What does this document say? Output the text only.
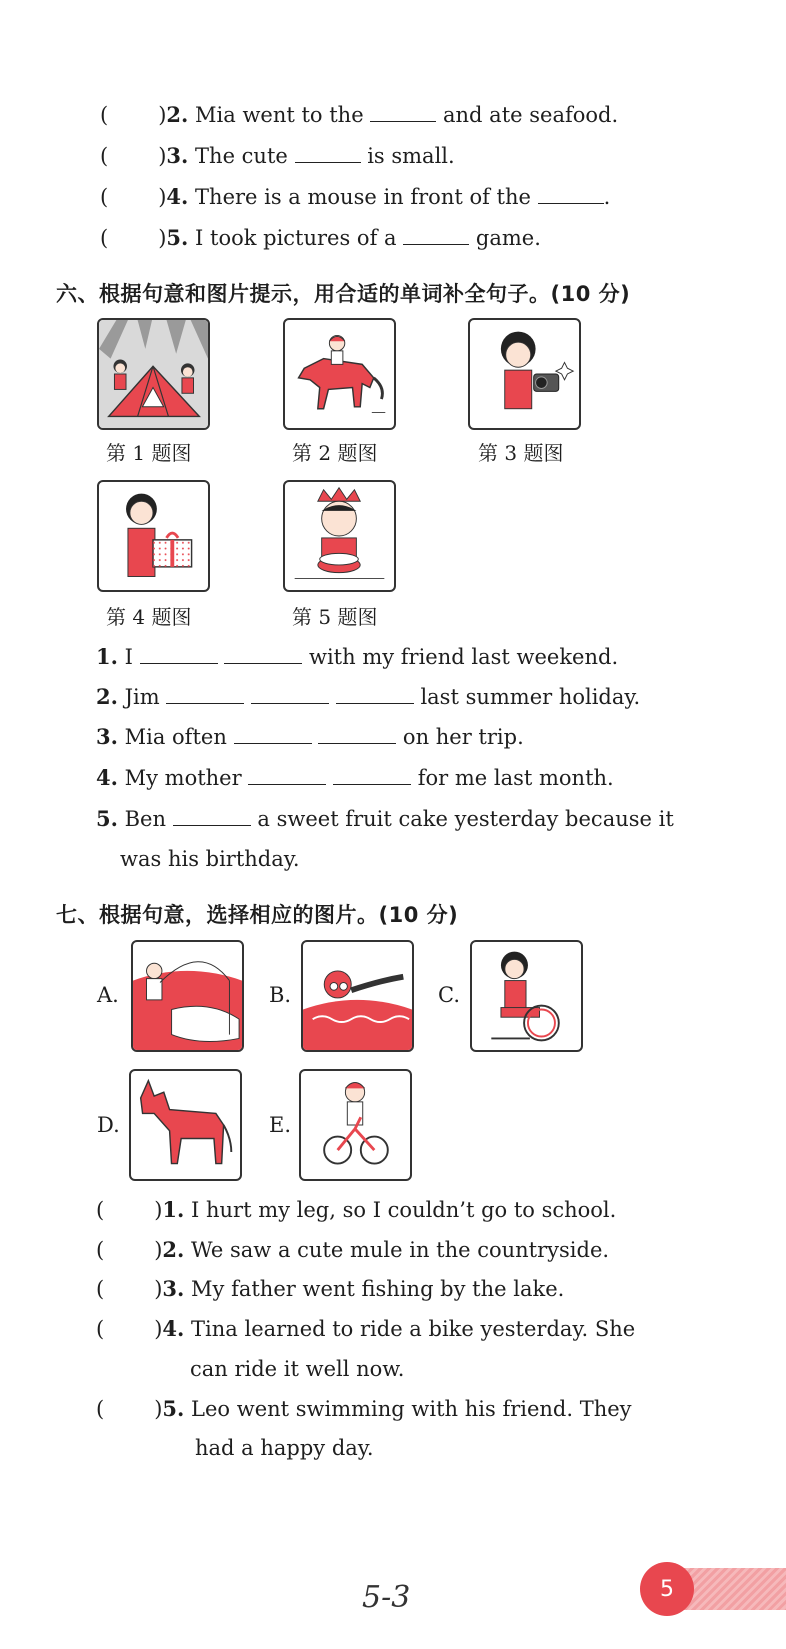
( )2. Mia went to the	and ate seafood.
( )3. The cute	is small.
( )4. There is a mouse in front of the	.
( )5. I took pictures of a	game.
六、根据句意和图片提示，用合适的单词补全句子。(10 分)
第 1 题图	第 2 题图	第 3 题图
第 4 题图	第 5 题图
1. I	with my friend last weekend.
2. Jim	last summer holiday.
3. Mia often	on her trip.
4. My mother	for me last month.
5. Ben	a sweet fruit cake yesterday because it
was his birthday.
七、根据句意，选择相应的图片。(10 分)
A.	B.	C.
D.	E.
( )1. I hurt my leg, so I couldn’t go to school.
( )2. We saw a cute mule in the countryside.
( )3. My father went fishing by the lake.
( )4. Tina learned to ride a bike yesterday. She
can ride it well now.
( )5. Leo went swimming with his friend. They
had a happy day.
5-3	5
